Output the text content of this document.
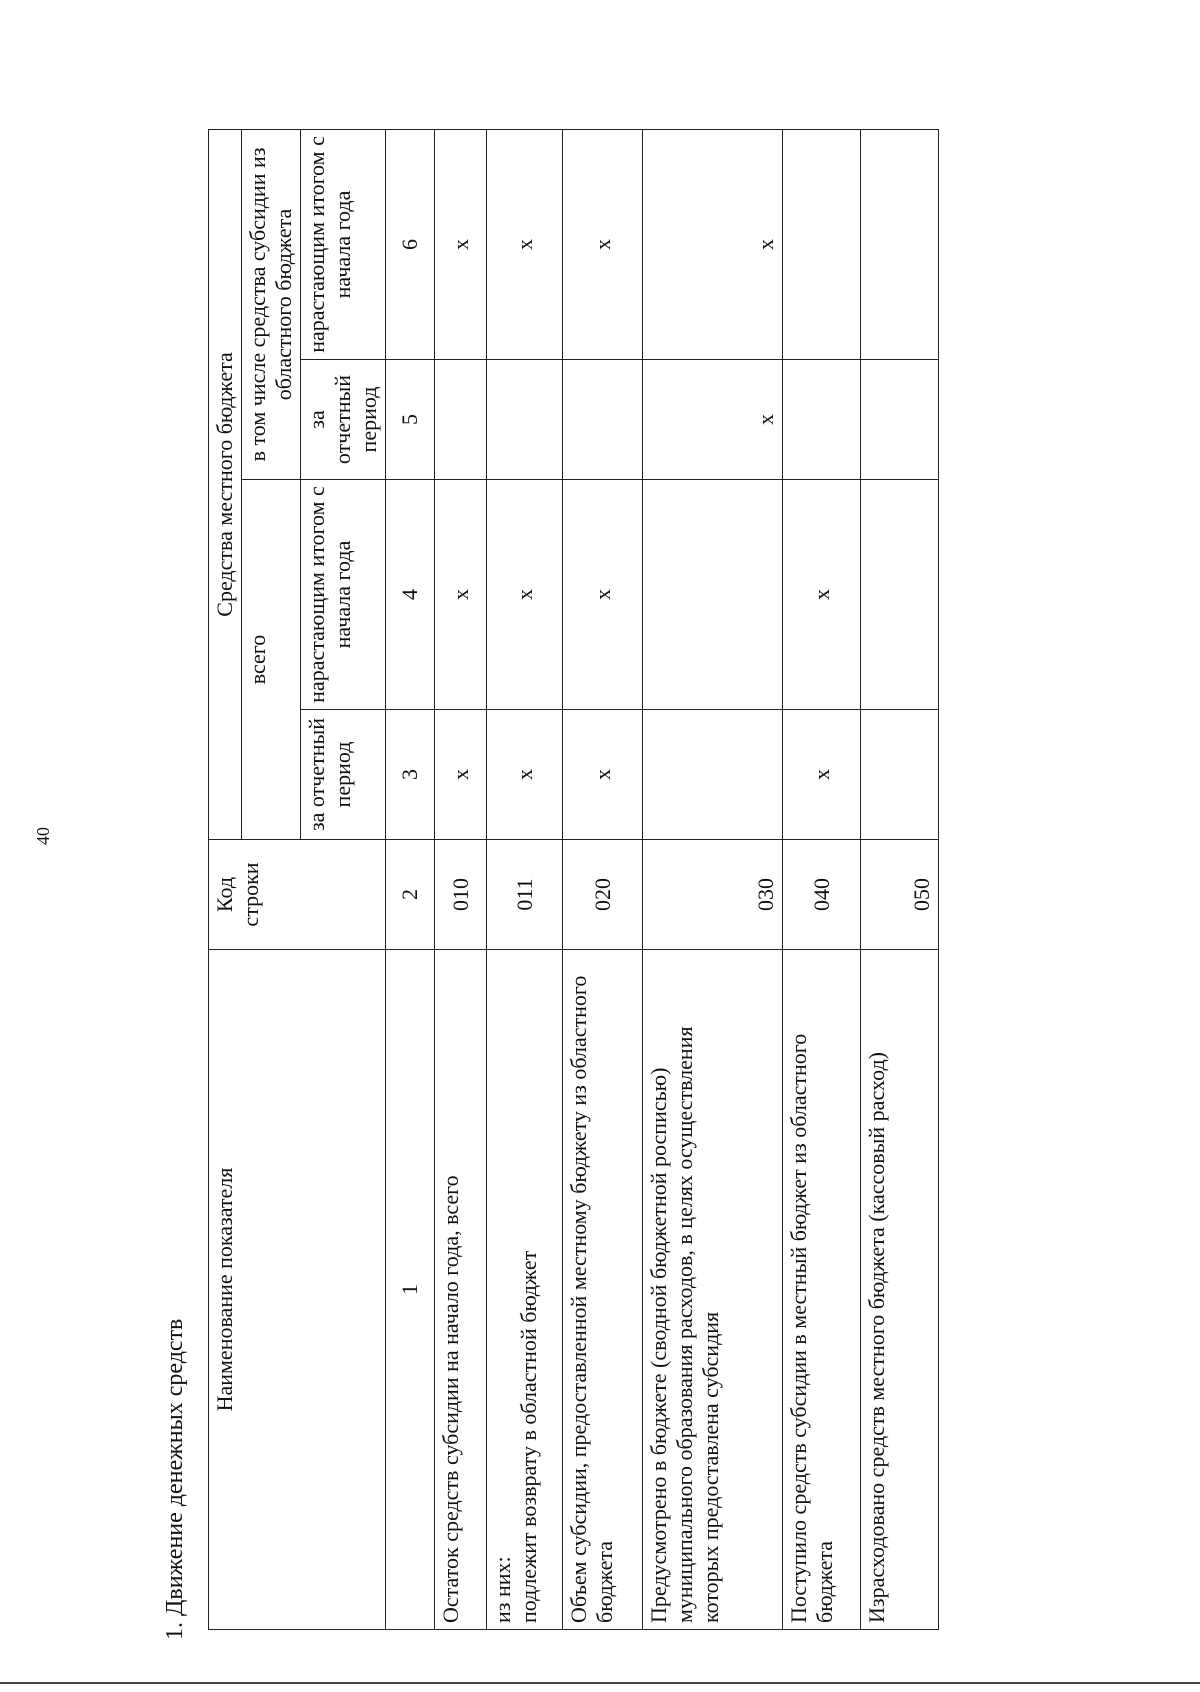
40
1. Движение денежных средств
Наименование показателя	Код строки	Средства местного бюджета			
		всего		в том числе средства субсидии из областного бюджета	
		за отчетный период	нарастающим итогом с начала года	за отчетный период	нарастающим итогом с начала года
1	2	3	4	5	6

Остаток средств субсидии на начало года, всего	010	x	x		x

из них: подлежит возврату в областной бюджет	011	x	x		x

Объем субсидии, предоставленной местному бюджету из областного бюджета	020	x	x		x

Предусмотрено в бюджете (сводной бюджетной росписью) муниципального образования расходов, в целях осуществления которых предоставлена субсидия	030			x	x

Поступило средств субсидии в местный бюджет из областного бюджета	040	x	x		

Израсходовано средств местного бюджета (кассовый расход)	050				
